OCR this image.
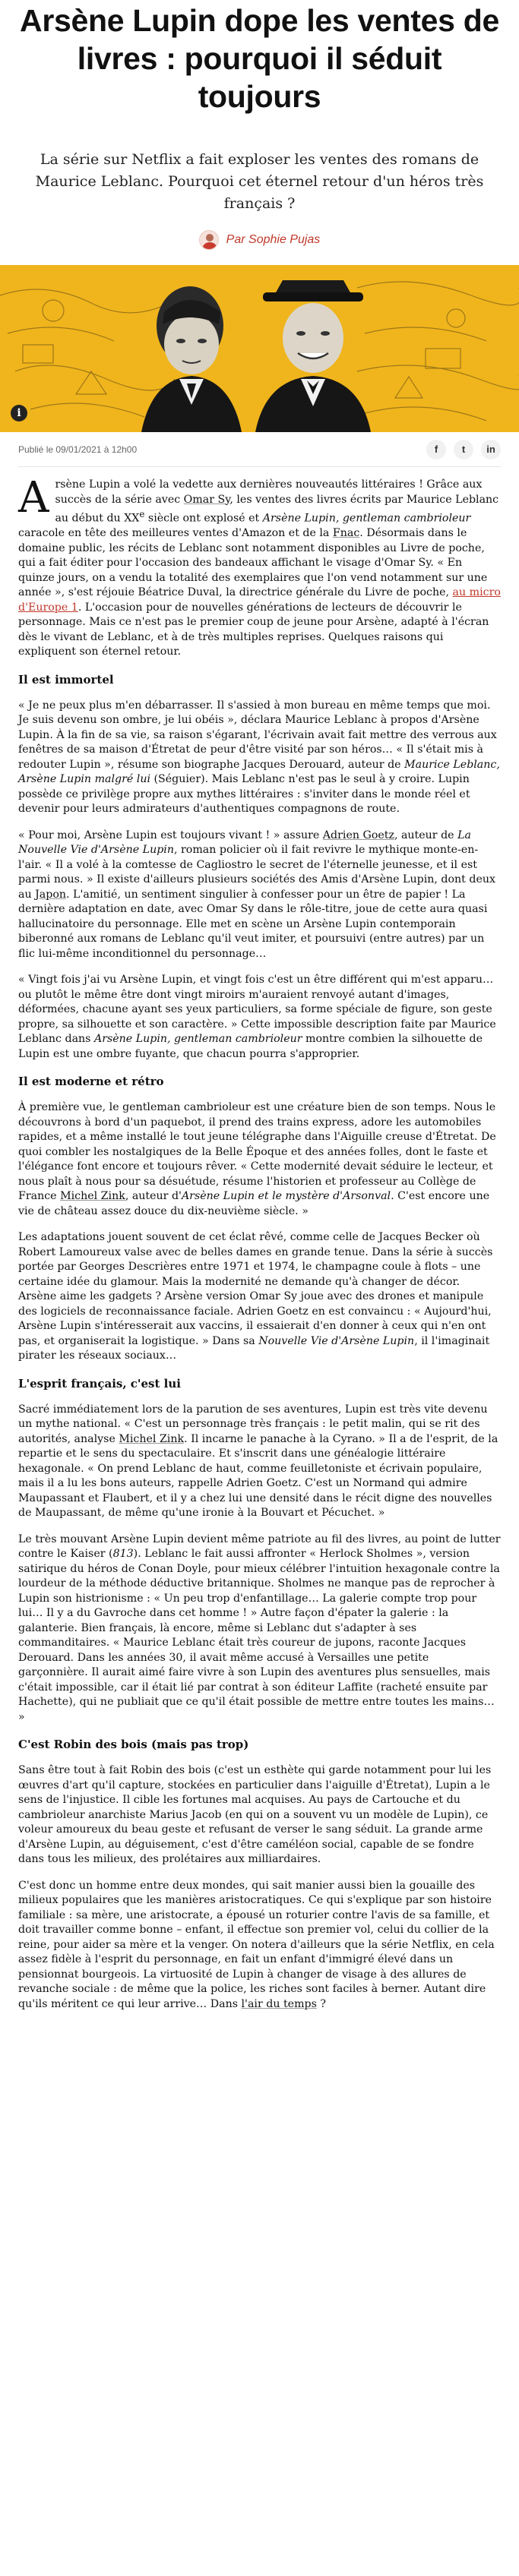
Arsène Lupin dope les ventes de livres : pourquoi il séduit toujours

La série sur Netflix a fait exploser les ventes des romans de Maurice Leblanc. Pourquoi cet éternel retour d'un héros très français ?

Par Sophie Pujas
i
Publié le 09/01/2021 à 12h00	f	t	in

Arsène Lupin a volé la vedette aux dernières nouveautés littéraires ! Grâce aux succès de la série avec Omar Sy, les ventes des livres écrits par Maurice Leblanc au début du XXe siècle ont explosé et Arsène Lupin, gentleman cambrioleur caracole en tête des meilleures ventes d'Amazon et de la Fnac. Désormais dans le domaine public, les récits de Leblanc sont notamment disponibles au Livre de poche, qui a fait éditer pour l'occasion des bandeaux affichant le visage d'Omar Sy. « En quinze jours, on a vendu la totalité des exemplaires que l'on vend notamment sur une année », s'est réjouie Béatrice Duval, la directrice générale du Livre de poche, au micro d'Europe 1. L'occasion pour de nouvelles générations de lecteurs de découvrir le personnage. Mais ce n'est pas le premier coup de jeune pour Arsène, adapté à l'écran dès le vivant de Leblanc, et à de très multiples reprises. Quelques raisons qui expliquent son éternel retour.

Il est immortel

« Je ne peux plus m'en débarrasser. Il s'assied à mon bureau en même temps que moi. Je suis devenu son ombre, je lui obéis », déclara Maurice Leblanc à propos d'Arsène Lupin. À la fin de sa vie, sa raison s'égarant, l'écrivain avait fait mettre des verrous aux fenêtres de sa maison d'Étretat de peur d'être visité par son héros… « Il s'était mis à redouter Lupin », résume son biographe Jacques Derouard, auteur de Maurice Leblanc, Arsène Lupin malgré lui (Séguier). Mais Leblanc n'est pas le seul à y croire. Lupin possède ce privilège propre aux mythes littéraires : s'inviter dans le monde réel et devenir pour leurs admirateurs d'authentiques compagnons de route.

« Pour moi, Arsène Lupin est toujours vivant ! » assure Adrien Goetz, auteur de La Nouvelle Vie d'Arsène Lupin, roman policier où il fait revivre le mythique monte-en-l'air. « Il a volé à la comtesse de Cagliostro le secret de l'éternelle jeunesse, et il est parmi nous. » Il existe d'ailleurs plusieurs sociétés des Amis d'Arsène Lupin, dont deux au Japon. L'amitié, un sentiment singulier à confesser pour un être de papier ! La dernière adaptation en date, avec Omar Sy dans le rôle-titre, joue de cette aura quasi hallucinatoire du personnage. Elle met en scène un Arsène Lupin contemporain biberonné aux romans de Leblanc qu'il veut imiter, et poursuivi (entre autres) par un flic lui-même inconditionnel du personnage…

« Vingt fois j'ai vu Arsène Lupin, et vingt fois c'est un être différent qui m'est apparu… ou plutôt le même être dont vingt miroirs m'auraient renvoyé autant d'images, déformées, chacune ayant ses yeux particuliers, sa forme spéciale de figure, son geste propre, sa silhouette et son caractère. » Cette impossible description faite par Maurice Leblanc dans Arsène Lupin, gentleman cambrioleur montre combien la silhouette de Lupin est une ombre fuyante, que chacun pourra s'approprier.

Il est moderne et rétro

À première vue, le gentleman cambrioleur est une créature bien de son temps. Nous le découvrons à bord d'un paquebot, il prend des trains express, adore les automobiles rapides, et a même installé le tout jeune télégraphe dans l'Aiguille creuse d'Étretat. De quoi combler les nostalgiques de la Belle Époque et des années folles, dont le faste et l'élégance font encore et toujours rêver. « Cette modernité devait séduire le lecteur, et nous plaît à nous pour sa désuétude, résume l'historien et professeur au Collège de France Michel Zink, auteur d'Arsène Lupin et le mystère d'Arsonval. C'est encore une vie de château assez douce du dix-neuvième siècle. »

Les adaptations jouent souvent de cet éclat rêvé, comme celle de Jacques Becker où Robert Lamoureux valse avec de belles dames en grande tenue. Dans la série à succès portée par Georges Descrières entre 1971 et 1974, le champagne coule à flots – une certaine idée du glamour. Mais la modernité ne demande qu'à changer de décor. Arsène aime les gadgets ? Arsène version Omar Sy joue avec des drones et manipule des logiciels de reconnaissance faciale. Adrien Goetz en est convaincu : « Aujourd'hui, Arsène Lupin s'intéresserait aux vaccins, il essaierait d'en donner à ceux qui n'en ont pas, et organiserait la logistique. » Dans sa Nouvelle Vie d'Arsène Lupin, il l'imaginait pirater les réseaux sociaux…

L'esprit français, c'est lui

Sacré immédiatement lors de la parution de ses aventures, Lupin est très vite devenu un mythe national. « C'est un personnage très français : le petit malin, qui se rit des autorités, analyse Michel Zink. Il incarne le panache à la Cyrano. » Il a de l'esprit, de la repartie et le sens du spectaculaire. Et s'inscrit dans une généalogie littéraire hexagonale. « On prend Leblanc de haut, comme feuilletoniste et écrivain populaire, mais il a lu les bons auteurs, rappelle Adrien Goetz. C'est un Normand qui admire Maupassant et Flaubert, et il y a chez lui une densité dans le récit digne des nouvelles de Maupassant, de même qu'une ironie à la Bouvart et Pécuchet. »

Le très mouvant Arsène Lupin devient même patriote au fil des livres, au point de lutter contre le Kaiser (813). Leblanc le fait aussi affronter « Herlock Sholmes », version satirique du héros de Conan Doyle, pour mieux célébrer l'intuition hexagonale contre la lourdeur de la méthode déductive britannique. Sholmes ne manque pas de reprocher à Lupin son histrionisme : « Un peu trop d'enfantillage… La galerie compte trop pour lui… Il y a du Gavroche dans cet homme ! » Autre façon d'épater la galerie : la galanterie. Bien français, là encore, même si Leblanc dut s'adapter à ses commanditaires. « Maurice Leblanc était très coureur de jupons, raconte Jacques Derouard. Dans les années 30, il avait même accusé à Versailles une petite garçonnière. Il aurait aimé faire vivre à son Lupin des aventures plus sensuelles, mais c'était impossible, car il était lié par contrat à son éditeur Laffite (racheté ensuite par Hachette), qui ne publiait que ce qu'il était possible de mettre entre toutes les mains… »

C'est Robin des bois (mais pas trop)

Sans être tout à fait Robin des bois (c'est un esthète qui garde notamment pour lui les œuvres d'art qu'il capture, stockées en particulier dans l'aiguille d'Étretat), Lupin a le sens de l'injustice. Il cible les fortunes mal acquises. Au pays de Cartouche et du cambrioleur anarchiste Marius Jacob (en qui on a souvent vu un modèle de Lupin), ce voleur amoureux du beau geste et refusant de verser le sang séduit. La grande arme d'Arsène Lupin, au déguisement, c'est d'être caméléon social, capable de se fondre dans tous les milieux, des prolétaires aux milliardaires.

C'est donc un homme entre deux mondes, qui sait manier aussi bien la gouaille des milieux populaires que les manières aristocratiques. Ce qui s'explique par son histoire familiale : sa mère, une aristocrate, a épousé un roturier contre l'avis de sa famille, et doit travailler comme bonne – enfant, il effectue son premier vol, celui du collier de la reine, pour aider sa mère et la venger. On notera d'ailleurs que la série Netflix, en cela assez fidèle à l'esprit du personnage, en fait un enfant d'immigré élevé dans un pensionnat bourgeois. La virtuosité de Lupin à changer de visage à des allures de revanche sociale : de même que la police, les riches sont faciles à berner. Autant dire qu'ils méritent ce qui leur arrive… Dans l'air du temps ?
